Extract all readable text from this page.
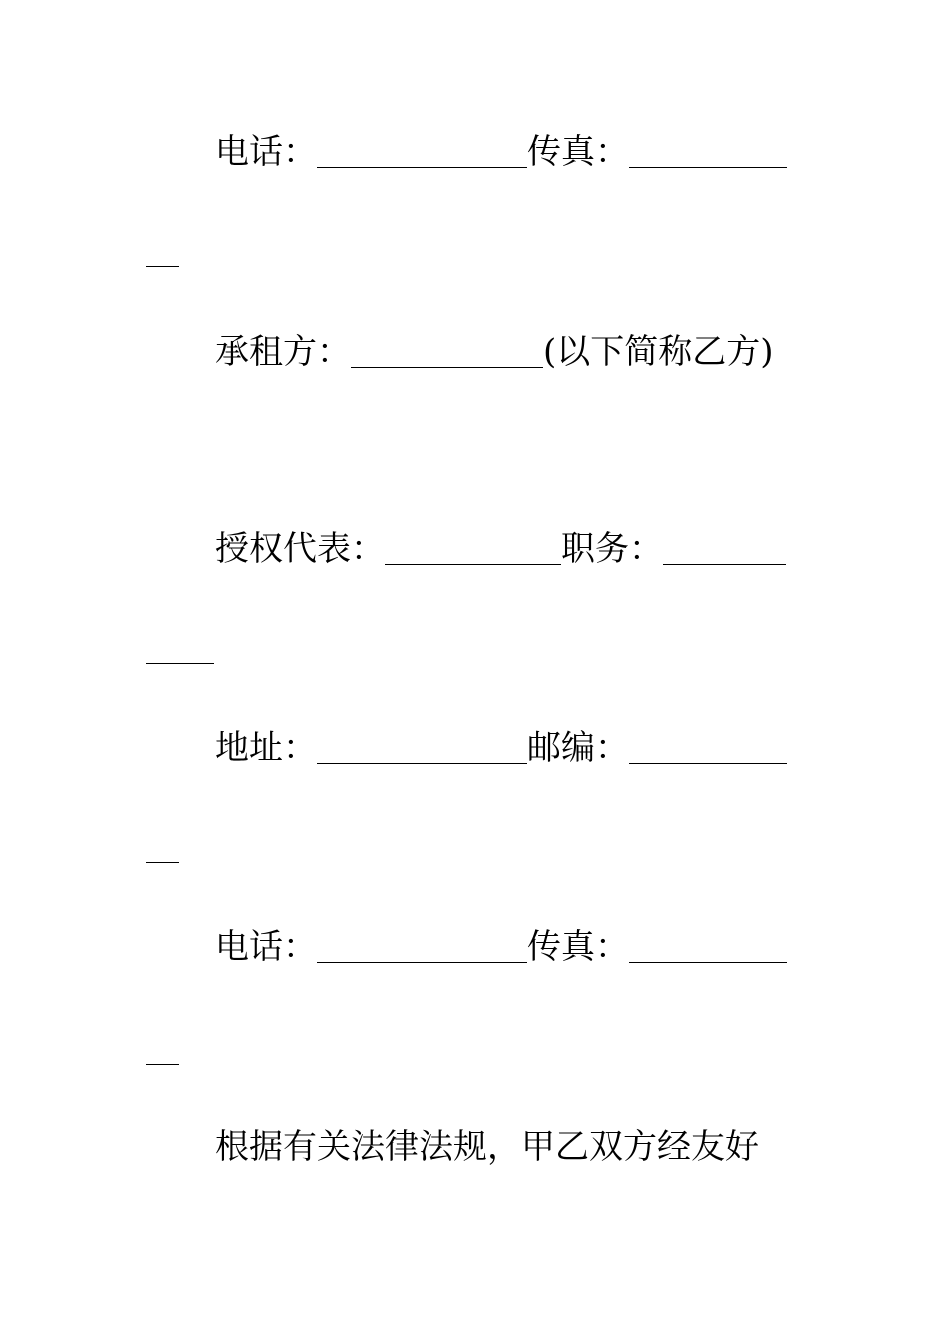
电话：	传真：
承租方：	(以下简称乙方)
授权代表：	职务：
地址：	邮编：
电话：	传真：
根据有关法律法规，甲乙双方经友好
